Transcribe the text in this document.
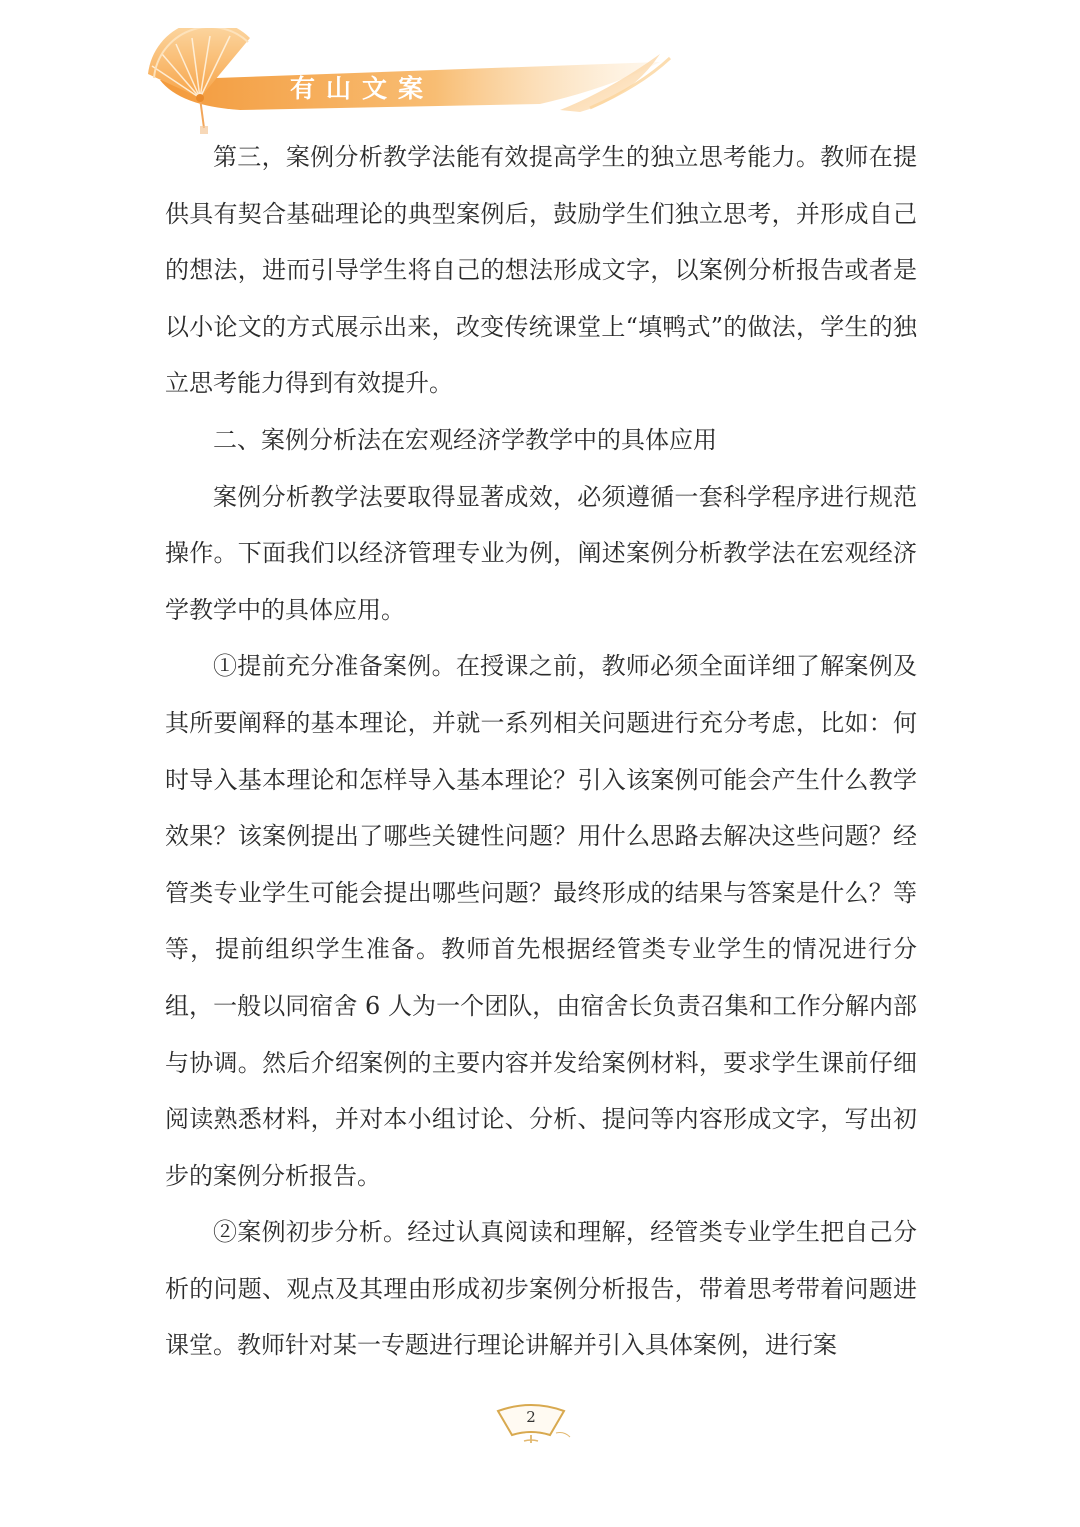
有山文案

第三，案例分析教学法能有效提高学生的独立思考能力。教师在提供具有契合基础理论的典型案例后，鼓励学生们独立思考，并形成自己的想法，进而引导学生将自己的想法形成文字，以案例分析报告或者是以小论文的方式展示出来，改变传统课堂上“填鸭式”的做法，学生的独立思考能力得到有效提升。

二、案例分析法在宏观经济学教学中的具体应用

案例分析教学法要取得显著成效，必须遵循一套科学程序进行规范操作。下面我们以经济管理专业为例，阐述案例分析教学法在宏观经济学教学中的具体应用。

①提前充分准备案例。在授课之前，教师必须全面详细了解案例及其所要阐释的基本理论，并就一系列相关问题进行充分考虑，比如：何时导入基本理论和怎样导入基本理论？引入该案例可能会产生什么教学效果？该案例提出了哪些关键性问题？用什么思路去解决这些问题？经管类专业学生可能会提出哪些问题？最终形成的结果与答案是什么？等等，提前组织学生准备。教师首先根据经管类专业学生的情况进行分组，一般以同宿舍 6 人为一个团队，由宿舍长负责召集和工作分解内部与协调。然后介绍案例的主要内容并发给案例材料，要求学生课前仔细阅读熟悉材料，并对本小组讨论、分析、提问等内容形成文字，写出初步的案例分析报告。

②案例初步分析。经过认真阅读和理解，经管类专业学生把自己分析的问题、观点及其理由形成初步案例分析报告，带着思考带着问题进课堂。教师针对某一专题进行理论讲解并引入具体案例，进行案

2
